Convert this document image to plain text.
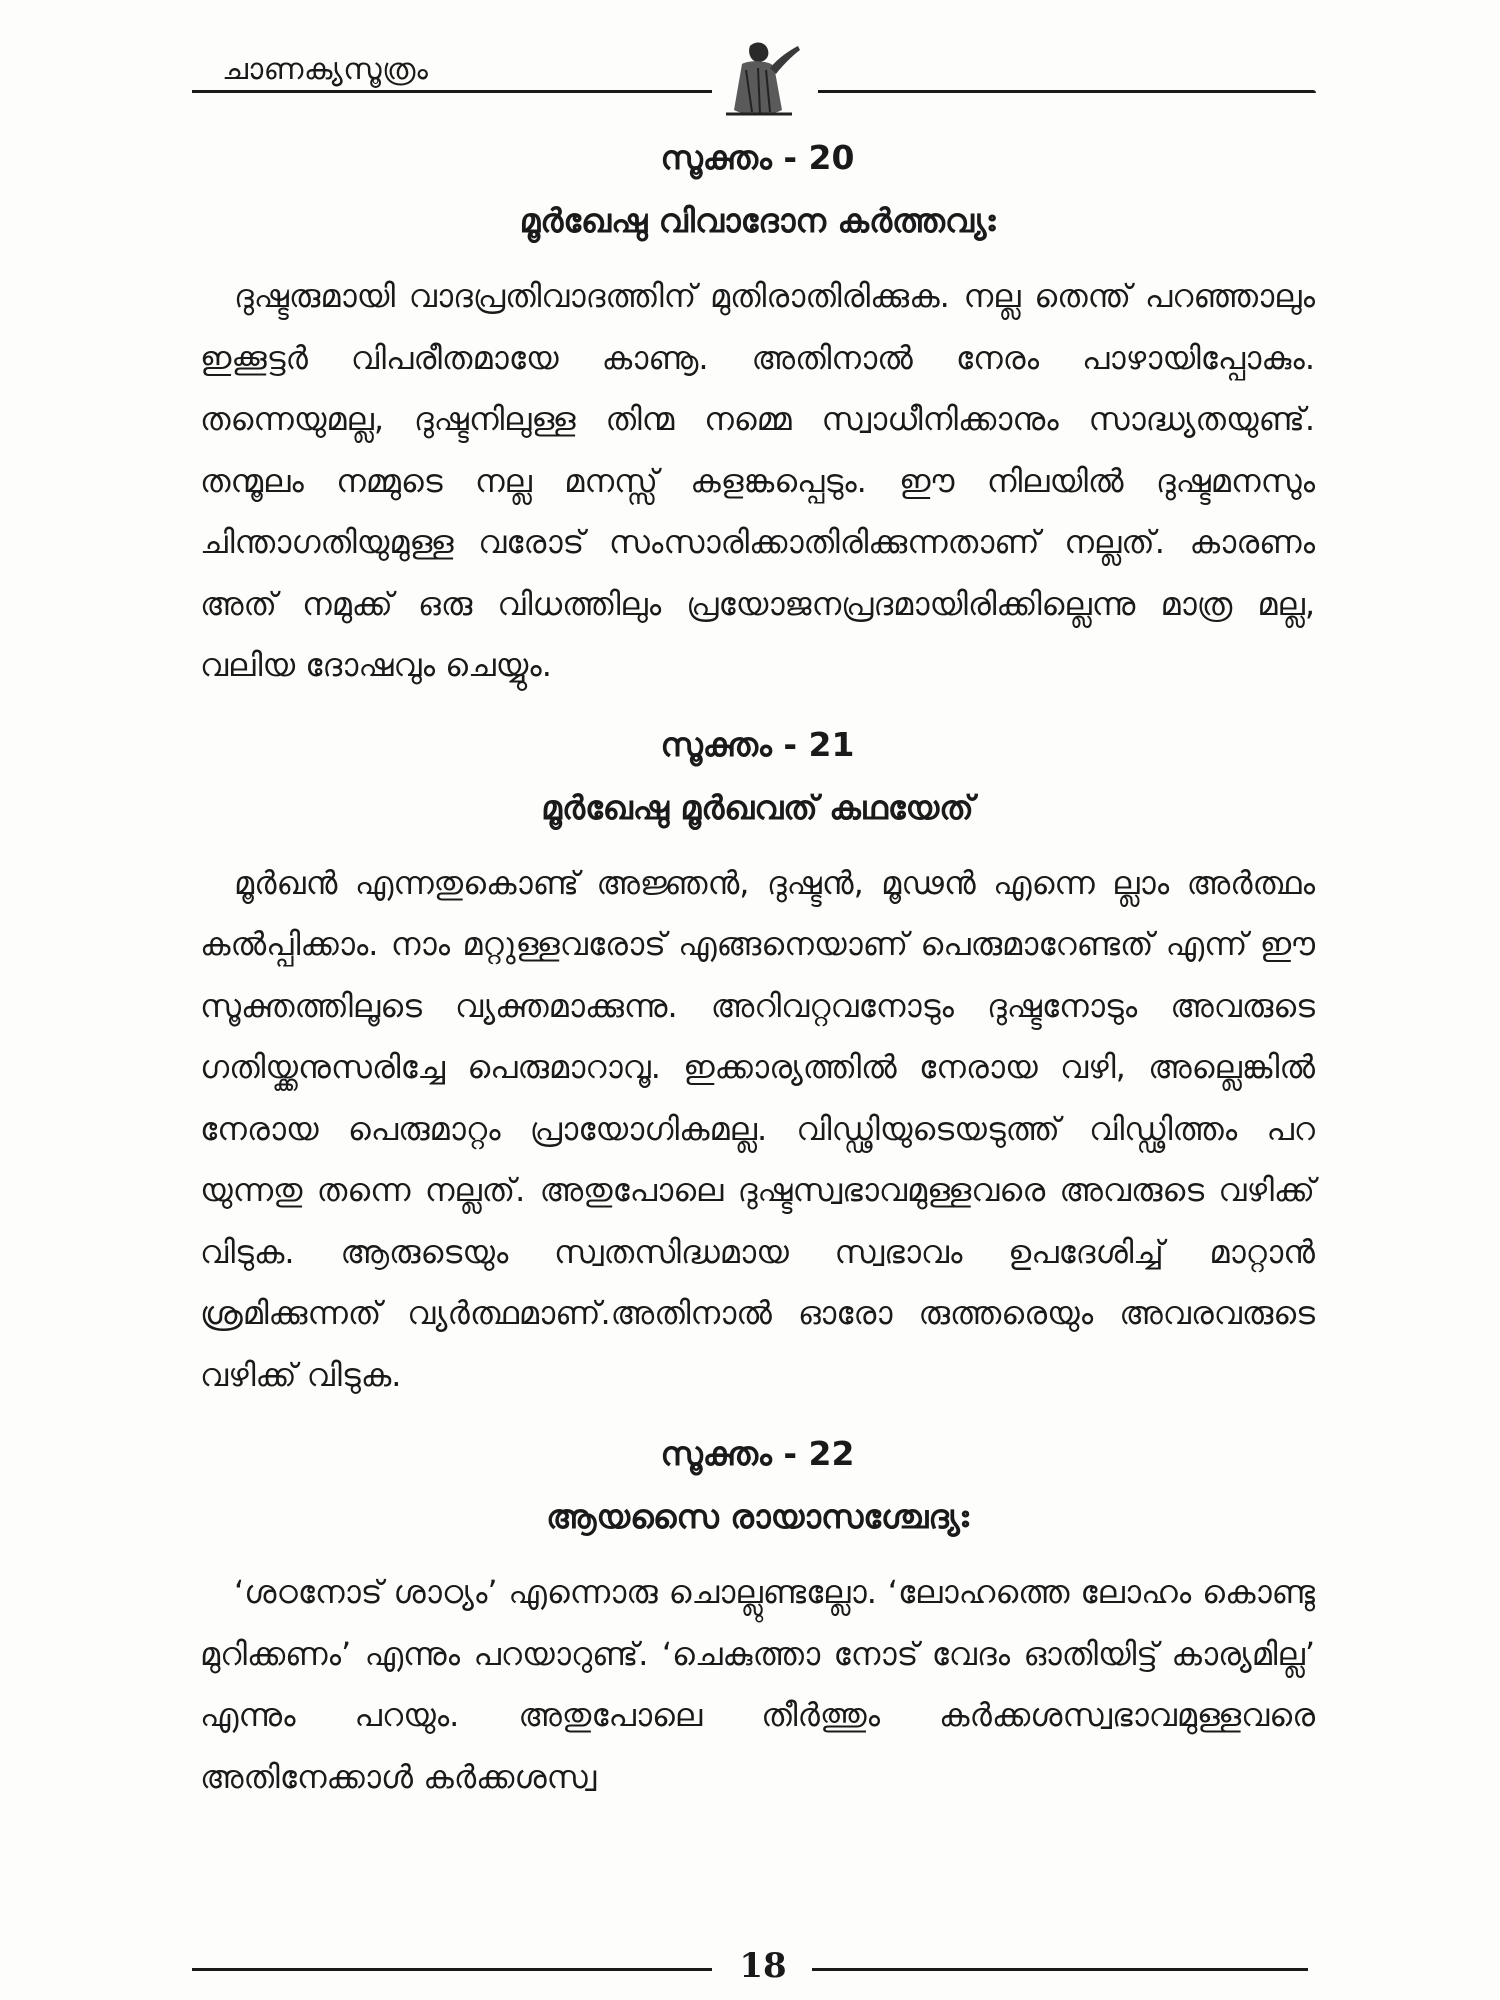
ചാണക്യസൂത്രം
സൂക്തം - 20
മൂർഖേഷു വിവാദോന കർത്തവ്യഃ

ദുഷ്ടരുമായി വാദപ്രതിവാദത്തിന് മുതിരാതിരിക്കുക. നല്ല തെന്ത് പറഞ്ഞാലും ഇക്കൂട്ടർ വിപരീതമായേ കാണൂ. അതിനാൽ നേരം പാഴായിപ്പോകും. തന്നെയുമല്ല, ദുഷ്ടനിലുള്ള തിന്മ നമ്മെ സ്വാധീനിക്കാനും സാദ്ധ്യതയുണ്ട്. തന്മൂലം നമ്മുടെ നല്ല മനസ്സ് കളങ്കപ്പെടും. ഈ നിലയിൽ ദുഷ്ടമനസും ചിന്താഗതിയുമുള്ള വരോട് സംസാരിക്കാതിരിക്കുന്നതാണ് നല്ലത്. കാരണം അത് നമുക്ക് ഒരു വിധത്തിലും പ്രയോജനപ്രദമായിരിക്കില്ലെന്നു മാത്ര മല്ല, വലിയ ദോഷവും ചെയ്യും.

സൂക്തം - 21
മൂർഖേഷു മൂർഖവത് കഥയേത്

മൂർഖൻ എന്നതുകൊണ്ട് അജ്ഞൻ, ദുഷ്ടൻ, മൂഢൻ എന്നെ ല്ലാം അർത്ഥം കൽപ്പിക്കാം. നാം മറ്റുള്ളവരോട് എങ്ങനെയാണ് പെരുമാറേണ്ടത് എന്ന് ഈ സൂക്തത്തിലൂടെ വ്യക്തമാക്കുന്നു. അറിവറ്റവനോടും ദുഷ്ടനോടും അവരുടെ ഗതിയ്ക്കനുസരിച്ചേ പെരുമാറാവൂ. ഇക്കാര്യത്തിൽ നേരായ വഴി, അല്ലെങ്കിൽ നേരായ പെരുമാറ്റം പ്രായോഗികമല്ല. വിഡ്ഢിയുടെയടുത്ത് വിഡ്ഢിത്തം പറ യുന്നതു തന്നെ നല്ലത്. അതുപോലെ ദുഷ്ടസ്വഭാവമുള്ളവരെ അവരുടെ വഴിക്ക് വിടുക. ആരുടെയും സ്വതസിദ്ധമായ സ്വഭാവം ഉപദേശിച്ച് മാറ്റാൻ ശ്രമിക്കുന്നത് വ്യർത്ഥമാണ്.അതിനാൽ ഓരോ രുത്തരെയും അവരവരുടെ വഴിക്ക് വിടുക.

സൂക്തം - 22
ആയസൈ രായാസശ്ചേദ്യഃ

‘ശഠനോട് ശാഠ്യം’ എന്നൊരു ചൊല്ലുണ്ടല്ലോ. ‘ലോഹത്തെ ലോഹം കൊണ്ടു മുറിക്കണം’ എന്നും പറയാറുണ്ട്. ‘ചെകുത്താ നോട് വേദം ഓതിയിട്ട് കാര്യമില്ല’ എന്നും പറയും. അതുപോലെ തീർത്തും കർക്കശസ്വഭാവമുള്ളവരെ അതിനേക്കാൾ കർക്കശസ്വ

18
